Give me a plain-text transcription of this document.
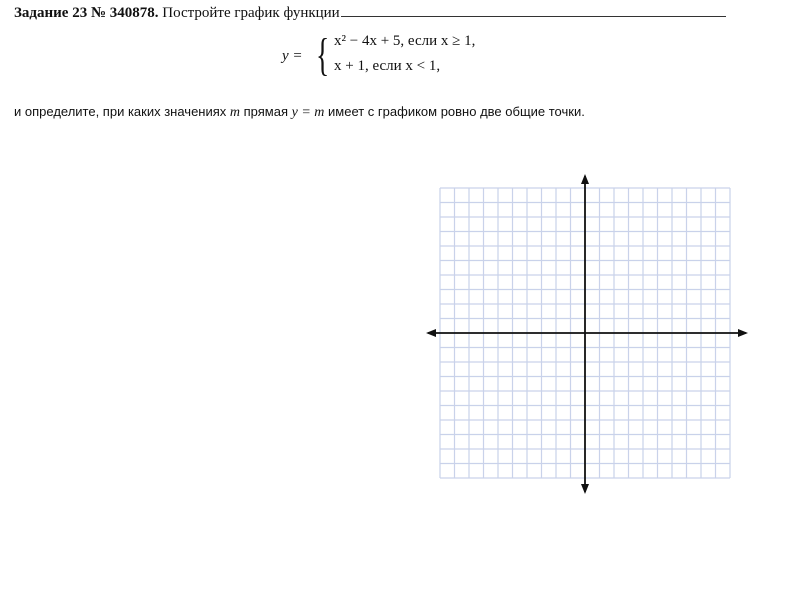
Задание 23 № 340878. Постройте график функции
y = { x² − 4x + 5, если x ≥ 1,
x + 1, если x < 1,
и определите, при каких значениях m прямая y = m имеет с графиком ровно две общие точки.
